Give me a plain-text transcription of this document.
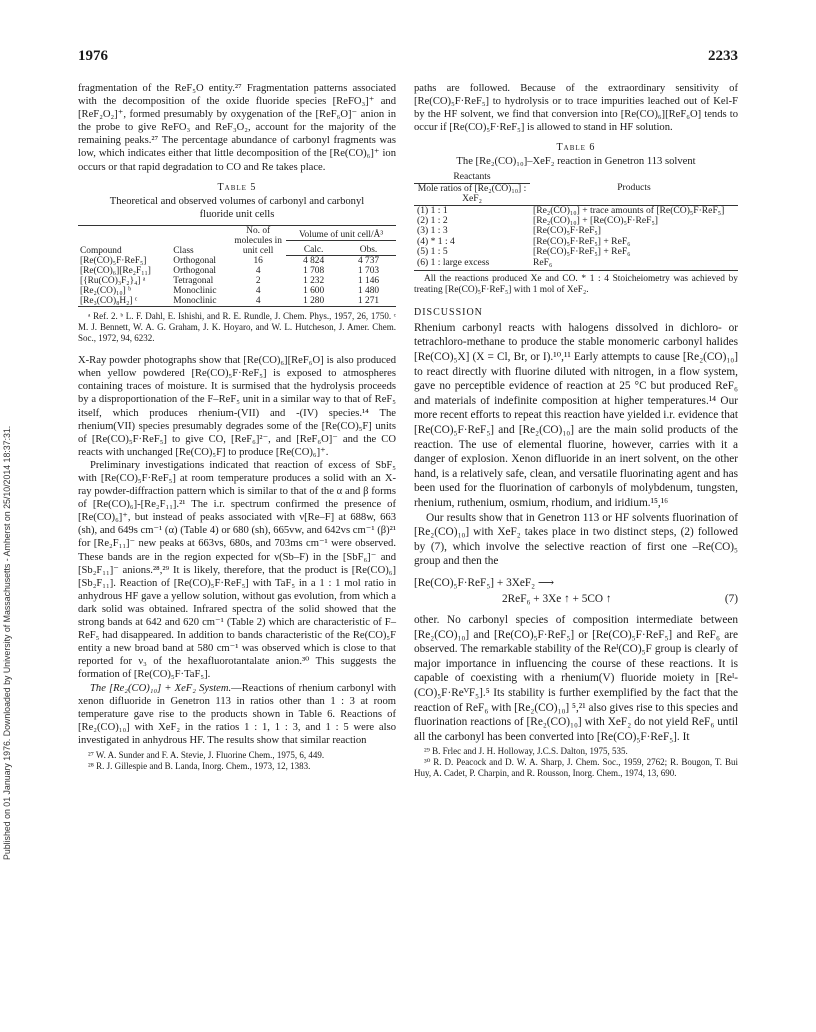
1976	2233
Published on 01 January 1976. Downloaded by University of Massachusetts - Amherst on 25/10/2014 18:37:31.

fragmentation of the ReF₅O entity.²⁷ Fragmentation patterns associated with the decomposition of the oxide fluoride species [ReFO₃]⁺ and [ReF₂O₂]⁺, formed presumably by oxygenation of the [ReF₆O]⁻ anion in the probe to give ReFO₃ and ReF₃O₂, account for the majority of the remaining peaks.²⁷ The percentage abundance of carbonyl fragments was low, which indicates either that little decomposition of the [Re(CO)₆]⁺ ion occurs or that rapid degradation to CO and Re takes place.

Table 5
Theoretical and observed volumes of carbonyl and carbonyl fluoride unit cells
Compound	Class	No. of molecules in unit cell	Volume of unit cell/Å³	
			Calc.	Obs.
[Re(CO)₅F·ReF₅]	Orthogonal	16	4 824	4 737
[Re(CO)₆][Re₂F₁₁]	Orthogonal	4	1 708	1 703
[{Ru(CO)₃F₂}₄] ᵃ	Tetragonal	2	1 232	1 146
[Re₂(CO)₁₀] ᵇ	Monoclinic	4	1 600	1 480
[Re₃(CO)₈H₂] ᶜ	Monoclinic	4	1 280	1 271

ᵃ Ref. 2. ᵇ L. F. Dahl, E. Ishishi, and R. E. Rundle, J. Chem. Phys., 1957, 26, 1750. ᶜ M. J. Bennett, W. A. G. Graham, J. K. Hoyaro, and W. L. Hutcheson, J. Amer. Chem. Soc., 1972, 94, 6232.

X-Ray powder photographs show that [Re(CO)₆][ReF₆O] is also produced when yellow powdered [Re(CO)₅F·ReF₅] is exposed to atmospheres containing traces of moisture. It is surmised that the hydrolysis proceeds by a disproportionation of the F–ReF₅ unit in a similar way to that of ReF₅ itself, which produces rhenium-(VII) and -(IV) species.¹⁴ The rhenium(VII) species presumably degrades some of the [Re(CO)₅F] units of [Re(CO)₅F·ReF₅] to give CO, [ReF₆]²⁻, and [ReF₆O]⁻ and the CO reacts with unchanged [Re(CO)₅F] to produce [Re(CO)₆]⁺.

Preliminary investigations indicated that reaction of excess of SbF₅ with [Re(CO)₅F·ReF₅] at room temperature produces a solid with an X-ray powder-diffraction pattern which is similar to that of the α and β forms of [Re(CO)₆]-[Re₂F₁₁].²¹ The i.r. spectrum confirmed the presence of [Re(CO)₆]⁺, but instead of peaks associated with ν[Re–F] at 688w, 663 (sh), and 649s cm⁻¹ (α) (Table 4) or 680 (sh), 665vw, and 642vs cm⁻¹ (β)²¹ for [Re₂F₁₁]⁻ new peaks at 663vs, 680s, and 703ms cm⁻¹ were observed. These bands are in the region expected for ν(Sb–F) in the [SbF₆]⁻ and [Sb₂F₁₁]⁻ anions.²⁸,²⁹ It is likely, therefore, that the product is [Re(CO)₆][Sb₂F₁₁]. Reaction of [Re(CO)₅F·ReF₅] with TaF₅ in a 1 : 1 mol ratio in anhydrous HF gave a yellow solution, without gas evolution, from which a dark solid was obtained. Infrared spectra of the solid showed that the strong bands at 642 and 620 cm⁻¹ (Table 2) which are characteristic of F–ReF₅ had disappeared. In addition to bands characteristic of the Re(CO)₅F entity a new broad band at 580 cm⁻¹ was observed which is close to that reported for ν₃ of the hexafluorotantalate anion.³⁰ This suggests the formation of [Re(CO)₅F·TaF₅].

The [Re₂(CO)₁₀] + XeF₂ System.—Reactions of rhenium carbonyl with xenon difluoride in Genetron 113 in ratios other than 1 : 3 at room temperature gave rise to the products shown in Table 6. Reactions of [Re₂(CO)₁₀] with XeF₂ in the ratios 1 : 1, 1 : 3, and 1 : 5 were also investigated in anhydrous HF. The results show that similar reaction

²⁷ W. A. Sunder and F. A. Stevie, J. Fluorine Chem., 1975, 6, 449.

²⁸ R. J. Gillespie and B. Landa, Inorg. Chem., 1973, 12, 1383.

paths are followed. Because of the extraordinary sensitivity of [Re(CO)₅F·ReF₅] to hydrolysis or to trace impurities leached out of Kel-F by the HF solvent, we find that conversion into [Re(CO)₆][ReF₆O] tends to occur if [Re(CO)₅F·ReF₅] is allowed to stand in HF solution.

Table 6
The [Re₂(CO)₁₀]–XeF₂ reaction in Genetron 113 solvent
Reactants	Products
Mole ratios of [Re₂(CO)₁₀] : XeF₂	
(1) 1 : 1	[Re₂(CO)₁₀] + trace amounts of [Re(CO)₅F·ReF₅]
(2) 1 : 2	[Re₂(CO)₁₀] + [Re(CO)₅F·ReF₅]
(3) 1 : 3	[Re(CO)₅F·ReF₅]
(4) * 1 : 4	[Re(CO)₅F·ReF₅] + ReF₆
(5) 1 : 5	[Re(CO)₅F·ReF₅] + ReF₆
(6) 1 : large excess	ReF₆

All the reactions produced Xe and CO. * 1 : 4 Stoicheiometry was achieved by treating [Re(CO)₅F·ReF₅] with 1 mol of XeF₂.

DISCUSSION

Rhenium carbonyl reacts with halogens dissolved in dichloro- or tetrachloro-methane to produce the stable monomeric carbonyl halides [Re(CO)₅X] (X = Cl, Br, or I).¹⁰,¹¹ Early attempts to cause [Re₂(CO)₁₀] to react directly with fluorine diluted with nitrogen, in a flow system, gave no perceptible evidence of reaction at 25 °C but produced ReF₆ and materials of indefinite composition at higher temperatures.¹⁴ Our more recent efforts to repeat this reaction have yielded i.r. evidence that [Re(CO)₅F·ReF₅] and [Re₂(CO)₁₀] are the main solid products of the reaction. The use of elemental fluorine, however, carries with it a danger of explosion. Xenon difluoride in an inert solvent, on the other hand, is a relatively safe, clean, and versatile fluorinating agent and has been used for the fluorination of carbonyls of molybdenum, tungsten, rhenium, ruthenium, osmium, rhodium, and iridium.¹⁵,¹⁶

Our results show that in Genetron 113 or HF solvents fluorination of [Re₂(CO)₁₀] with XeF₂ takes place in two distinct steps, (2) followed by (7), which involve the selective reaction of first one –Re(CO)₅ group and then the

[Re(CO)₅F·ReF₅] + 3XeF₂ ⟶
2ReF₆ + 3Xe ↑ + 5CO ↑	(7)

other. No carbonyl species of composition intermediate between [Re₂(CO)₁₀] and [Re(CO)₅F·ReF₅] or [Re(CO)₅F·ReF₅] and ReF₆ are observed. The remarkable stability of the Reᴵ(CO)₅F group is clearly of major importance in influencing the course of these reactions. It is capable of coexisting with a rhenium(V) fluoride moiety in [Reᴵ-(CO)₅F·ReⱽF₅].⁵ Its stability is further exemplified by the fact that the reaction of ReF₆ with [Re₂(CO)₁₀] ⁵,²¹ also gives rise to this species and fluorination reactions of [Re₂(CO)₁₀] with XeF₂ do not yield ReF₆ until all the carbonyl has been converted into [Re(CO)₅F·ReF₅]. It

²⁹ B. Frlec and J. H. Holloway, J.C.S. Dalton, 1975, 535.

³⁰ R. D. Peacock and D. W. A. Sharp, J. Chem. Soc., 1959, 2762; R. Bougon, T. Bui Huy, A. Cadet, P. Charpin, and R. Rousson, Inorg. Chem., 1974, 13, 690.
